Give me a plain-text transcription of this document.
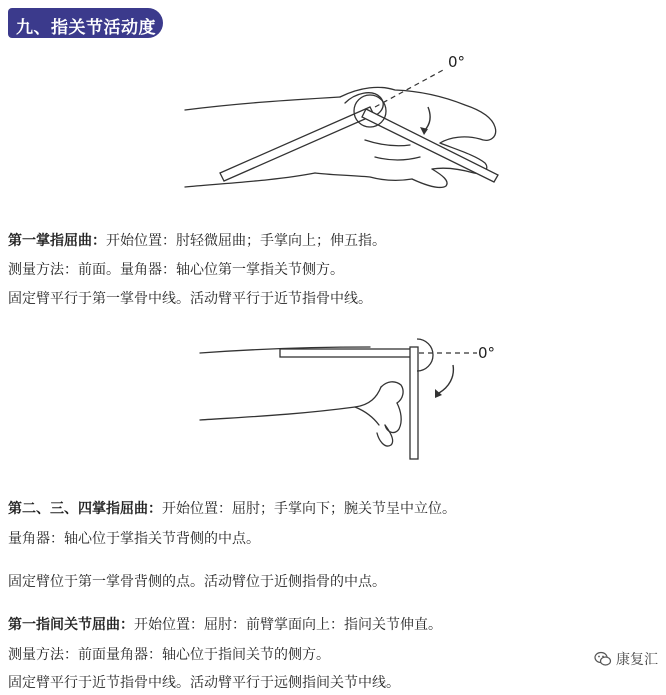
九、指关节活动度
0°
第一掌指屈曲：开始位置：肘轻微屈曲；手掌向上；伸五指。
测量方法：前面。量角器：轴心位第一掌指关节侧方。
固定臂平行于第一掌骨中线。活动臂平行于近节指骨中线。
0°
第二、三、四掌指屈曲：开始位置：屈肘；手掌向下；腕关节呈中立位。
量角器：轴心位于掌指关节背侧的中点。
固定臂位于第一掌骨背侧的点。活动臂位于近侧指骨的中点。
第一指间关节屈曲：开始位置：屈肘：前臂掌面向上：指问关节伸直。
测量方法：前面量角器：轴心位于指间关节的侧方。
固定臂平行于近节指骨中线。活动臂平行于远侧指间关节中线。
康复汇
